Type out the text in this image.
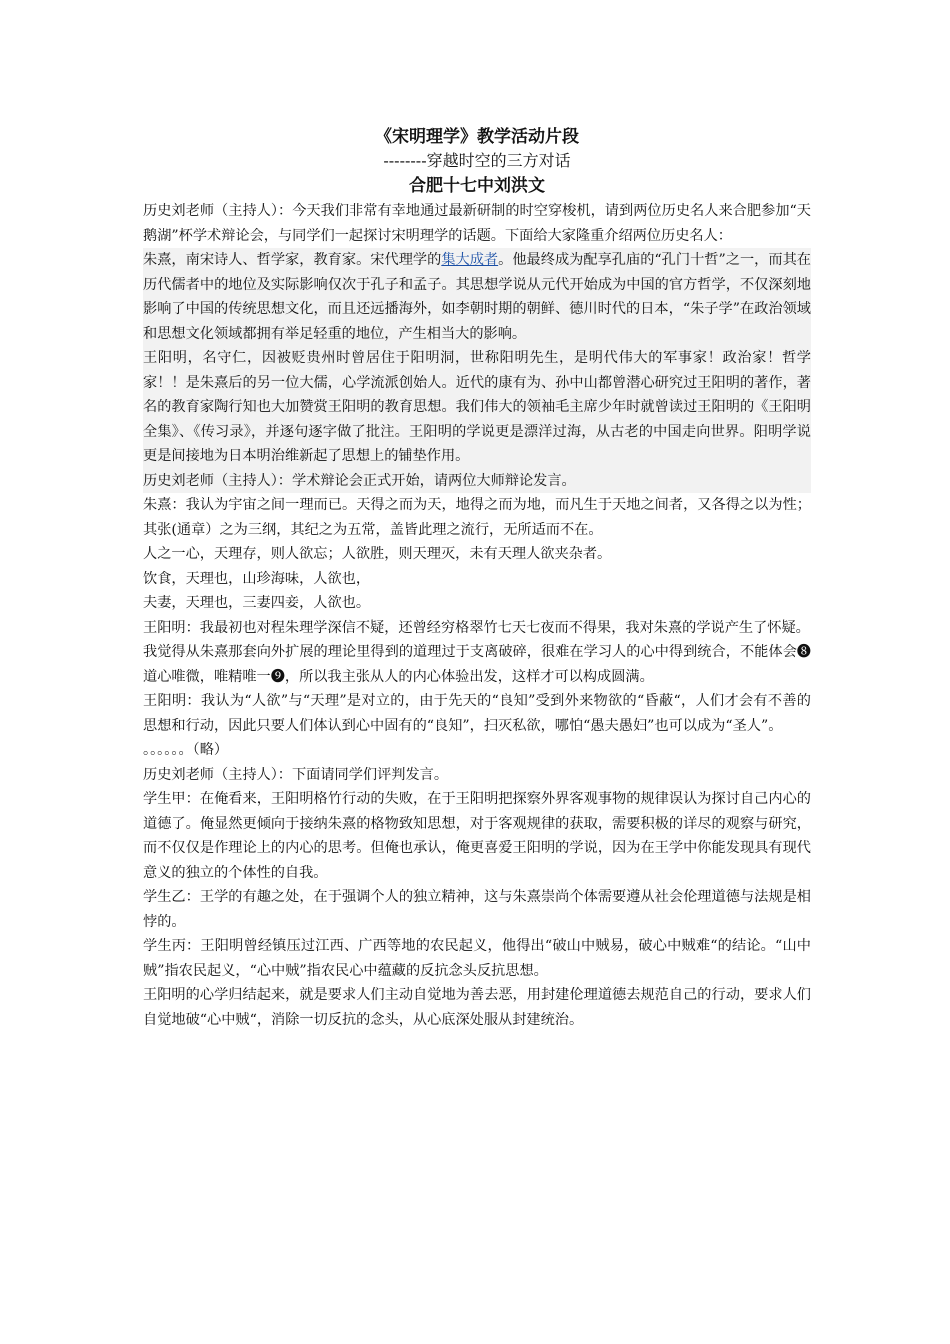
《宋明理学》教学活动片段
--------穿越时空的三方对话
合肥十七中刘洪文

历史刘老师（主持人）：今天我们非常有幸地通过最新研制的时空穿梭机，请到两位历史名人来合肥参加“天鹅湖”杯学术辩论会，与同学们一起探讨宋明理学的话题。下面给大家隆重介绍两位历史名人：

朱熹，南宋诗人、哲学家，教育家。宋代理学的集大成者。他最终成为配享孔庙的“孔门十哲”之一，而其在历代儒者中的地位及实际影响仅次于孔子和孟子。其思想学说从元代开始成为中国的官方哲学，不仅深刻地影响了中国的传统思想文化，而且还远播海外，如李朝时期的朝鲜、德川时代的日本，“朱子学”在政治领域和思想文化领域都拥有举足轻重的地位，产生相当大的影响。

王阳明，名守仁，因被贬贵州时曾居住于阳明洞，世称阳明先生，是明代伟大的军事家！政治家！哲学家！！是朱熹后的另一位大儒，心学流派创始人。近代的康有为、孙中山都曾潜心研究过王阳明的著作，著名的教育家陶行知也大加赞赏王阳明的教育思想。我们伟大的领袖毛主席少年时就曾读过王阳明的《王阳明全集》、《传习录》，并逐句逐字做了批注。王阳明的学说更是漂洋过海，从古老的中国走向世界。阳明学说更是间接地为日本明治维新起了思想上的铺垫作用。

历史刘老师（主持人）：学术辩论会正式开始，请两位大师辩论发言。

朱熹：我认为宇宙之间一理而已。天得之而为天，地得之而为地，而凡生于天地之间者，又各得之以为性；其张(通章）之为三纲，其纪之为五常，盖皆此理之流行，无所适而不在。

人之一心，天理存，则人欲忘；人欲胜，则天理灭，未有天理人欲夹杂者。

饮食，天理也，山珍海味，人欲也，

夫妻，天理也，三妻四妾，人欲也。

王阳明：我最初也对程朱理学深信不疑，还曾经穷格翠竹七天七夜而不得果，我对朱熹的学说产生了怀疑。

我觉得从朱熹那套向外扩展的理论里得到的道理过于支离破碎，很难在学习人的心中得到统合，不能体会❽道心唯微，唯精唯一❾，所以我主张从人的内心体验出发，这样才可以构成圆满。

王阳明：我认为“人欲”与“天理”是对立的，由于先天的“良知”受到外来物欲的“昏蔽“，人们才会有不善的思想和行动，因此只要人们体认到心中固有的“良知”，扫灭私欲，哪怕“愚夫愚妇”也可以成为“圣人”。

。。。。。。（略）

历史刘老师（主持人）：下面请同学们评判发言。

学生甲：在俺看来，王阳明格竹行动的失败，在于王阳明把探察外界客观事物的规律误认为探讨自己内心的道德了。俺显然更倾向于接纳朱熹的格物致知思想，对于客观规律的获取，需要积极的详尽的观察与研究，而不仅仅是作理论上的内心的思考。但俺也承认，俺更喜爱王阳明的学说，因为在王学中你能发现具有现代意义的独立的个体性的自我。

学生乙：王学的有趣之处，在于强调个人的独立精神，这与朱熹崇尚个体需要遵从社会伦理道德与法规是相悖的。

学生丙：王阳明曾经镇压过江西、广西等地的农民起义，他得出“破山中贼易，破心中贼难“的结论。“山中贼”指农民起义，“心中贼”指农民心中蕴藏的反抗念头反抗思想。

王阳明的心学归结起来，就是要求人们主动自觉地为善去恶，用封建伦理道德去规范自己的行动，要求人们自觉地破“心中贼“，消除一切反抗的念头，从心底深处服从封建统治。
